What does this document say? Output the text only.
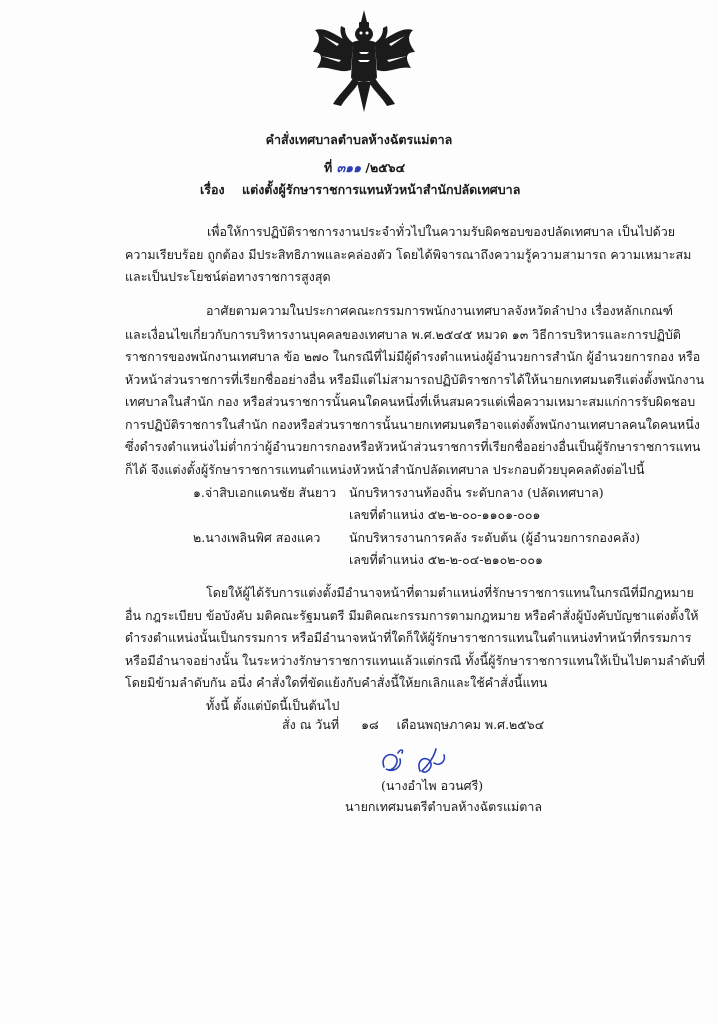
คำสั่งเทศบาลตำบลห้างฉัตรแม่ตาล
ที่ ๓๑๑ /๒๕๖๔
เรื่อง แต่งตั้งผู้รักษาราชการแทนหัวหน้าสำนักปลัดเทศบาล
เพื่อให้การปฏิบัติราชการงานประจำทั่วไปในความรับผิดชอบของปลัดเทศบาล เป็นไปด้วย
ความเรียบร้อย ถูกต้อง มีประสิทธิภาพและคล่องตัว โดยได้พิจารณาถึงความรู้ความสามารถ ความเหมาะสม
และเป็นประโยชน์ต่อทางราชการสูงสุด
อาศัยตามความในประกาศคณะกรรมการพนักงานเทศบาลจังหวัดลำปาง เรื่องหลักเกณฑ์
และเงื่อนไขเกี่ยวกับการบริหารงานบุคคลของเทศบาล พ.ศ.๒๕๔๕ หมวด ๑๓ วิธีการบริหารและการปฏิบัติ
ราชการของพนักงานเทศบาล ข้อ ๒๗๐ ในกรณีที่ไม่มีผู้ดำรงตำแหน่งผู้อำนวยการสำนัก ผู้อำนวยการกอง หรือ
หัวหน้าส่วนราชการที่เรียกชื่ออย่างอื่น หรือมีแต่ไม่สามารถปฏิบัติราชการได้ให้นายกเทศมนตรีแต่งตั้งพนักงาน
เทศบาลในสำนัก กอง หรือส่วนราชการนั้นคนใดคนหนึ่งที่เห็นสมควรแต่เพื่อความเหมาะสมแก่การรับผิดชอบ
การปฏิบัติราชการในสำนัก กองหรือส่วนราชการนั้นนายกเทศมนตรีอาจแต่งตั้งพนักงานเทศบาลคนใดคนหนึ่ง
ซึ่งดำรงตำแหน่งไม่ต่ำกว่าผู้อำนวยการกองหรือหัวหน้าส่วนราชการที่เรียกชื่ออย่างอื่นเป็นผู้รักษาราชการแทน
ก็ได้ จึงแต่งตั้งผู้รักษาราชการแทนตำแหน่งหัวหน้าสำนักปลัดเทศบาล ประกอบด้วยบุคคลดังต่อไปนี้
๑.จ่าสิบเอกแดนชัย สันยาว นักบริหารงานท้องถิ่น ระดับกลาง (ปลัดเทศบาล)
เลขที่ตำแหน่ง ๕๒-๒-๐๐-๑๑๐๑-๐๐๑
๒.นางเพลินพิศ สองแคว นักบริหารงานการคลัง ระดับต้น (ผู้อำนวยการกองคลัง)
เลขที่ตำแหน่ง ๕๒-๒-๐๔-๒๑๐๒-๐๐๑
โดยให้ผู้ได้รับการแต่งตั้งมีอำนาจหน้าที่ตามตำแหน่งที่รักษาราชการแทนในกรณีที่มีกฎหมาย
อื่น กฎระเบียบ ข้อบังคับ มติคณะรัฐมนตรี มีมติคณะกรรมการตามกฎหมาย หรือคำสั่งผู้บังคับบัญชาแต่งตั้งให้
ดำรงตำแหน่งนั้นเป็นกรรมการ หรือมีอำนาจหน้าที่ใดก็ให้ผู้รักษาราชการแทนในตำแหน่งทำหน้าที่กรรมการ
หรือมีอำนาจอย่างนั้น ในระหว่างรักษาราชการแทนแล้วแต่กรณี ทั้งนี้ผู้รักษาราชการแทนให้เป็นไปตามลำดับที่
โดยมิข้ามลำดับกัน อนึ่ง คำสั่งใดที่ขัดแย้งกับคำสั่งนี้ให้ยกเลิกและใช้คำสั่งนี้แทน
ทั้งนี้ ตั้งแต่บัดนี้เป็นต้นไป
สั่ง ณ วันที่ ๑๘ เดือนพฤษภาคม พ.ศ.๒๕๖๔
(นางอำไพ อวนศรี)
นายกเทศมนตรีตำบลห้างฉัตรแม่ตาล
